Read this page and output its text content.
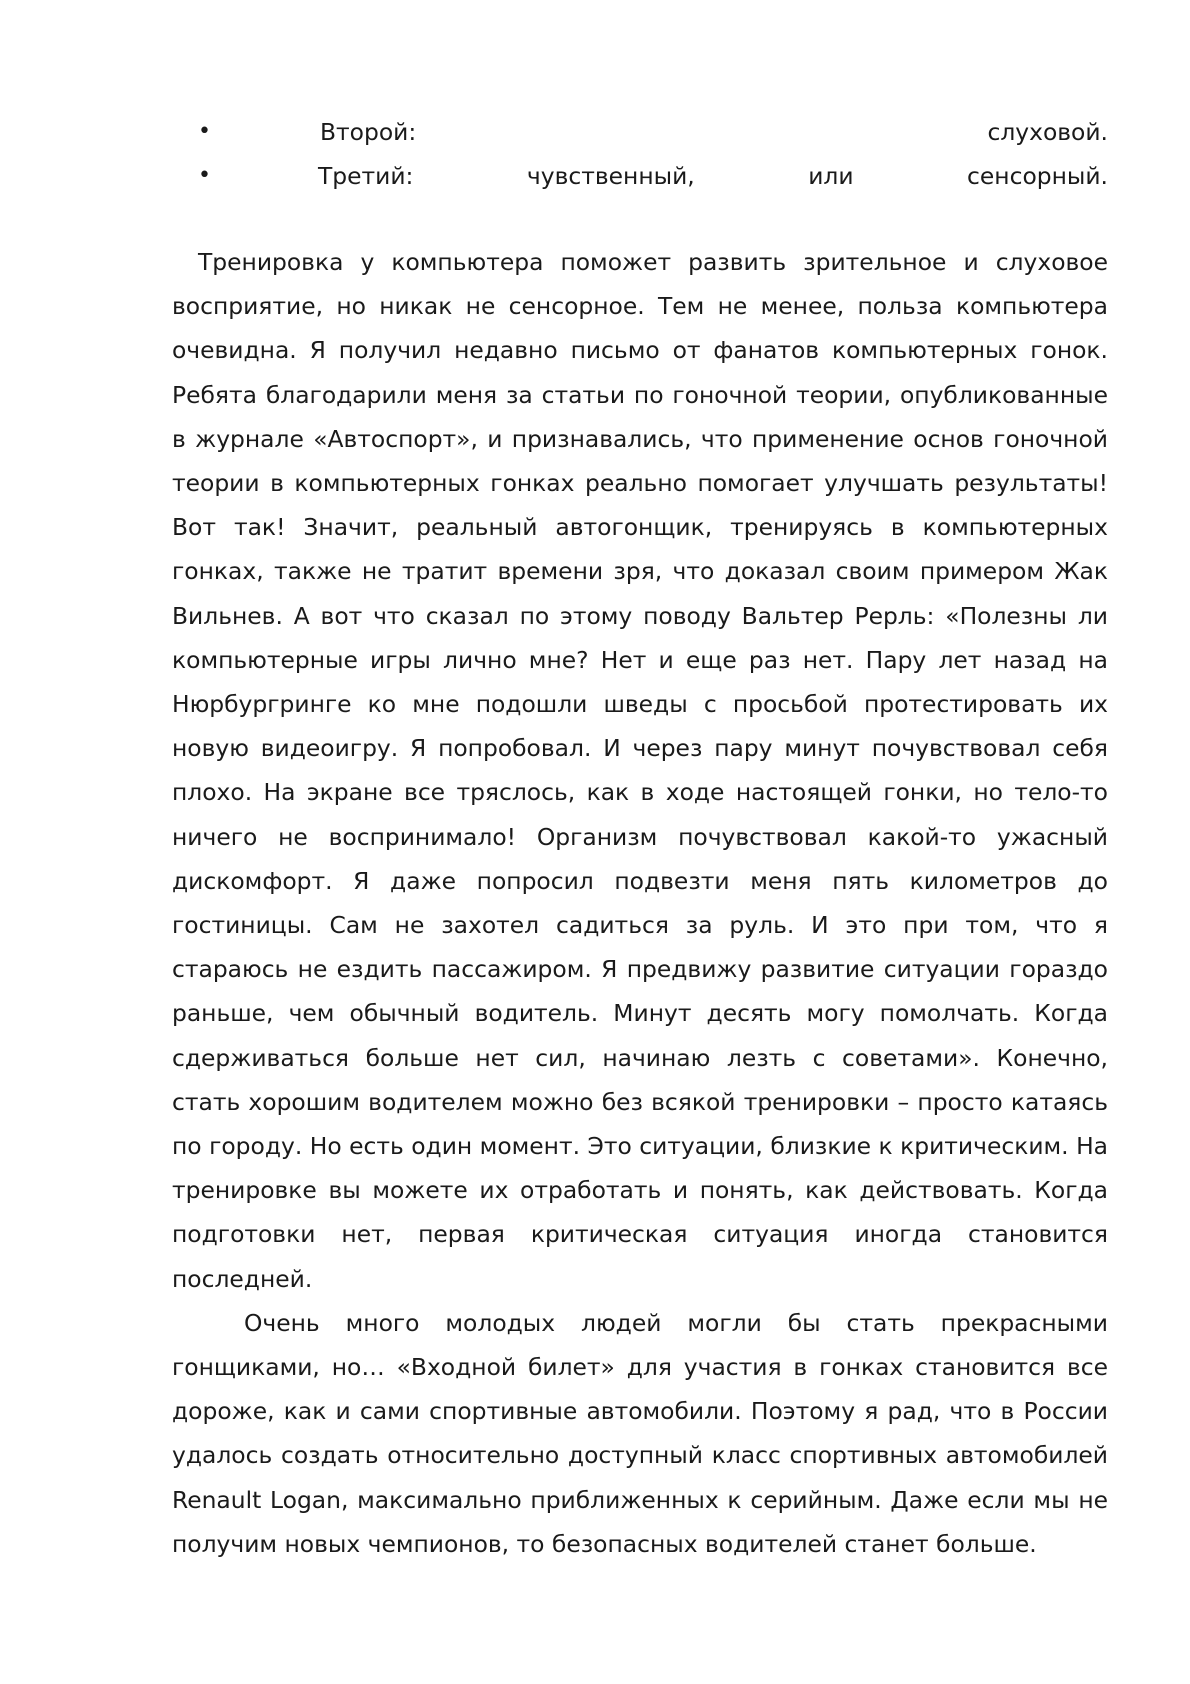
•	Второй: слуховой.
•	Третий: чувственный, или сенсорный.

Тренировка у компьютера поможет развить зрительное и слуховое восприятие, но никак не сенсорное. Тем не менее, польза компьютера очевидна. Я получил недавно письмо от фанатов компьютерных гонок. Ребята благодарили меня за статьи по гоночной теории, опубликованные в журнале «Автоспорт», и признавались, что применение основ гоночной теории в компьютерных гонках реально помогает улучшать результаты! Вот так! Значит, реальный автогонщик, тренируясь в компьютерных гонках, также не тратит времени зря, что доказал своим примером Жак Вильнев. А вот что сказал по этому поводу Вальтер Рерль: «Полезны ли компьютерные игры лично мне? Нет и еще раз нет. Пару лет назад на Нюрбургринге ко мне подошли шведы с просьбой протестировать их новую видеоигру. Я попробовал. И через пару минут почувствовал себя плохо. На экране все тряслось, как в ходе настоящей гонки, но тело-то ничего не воспринимало! Организм почувствовал какой-то ужасный дискомфорт. Я даже попросил подвезти меня пять километров до гостиницы. Сам не захотел садиться за руль. И это при том, что я стараюсь не ездить пассажиром. Я предвижу развитие ситуации гораздо раньше, чем обычный водитель. Минут десять могу помолчать. Когда сдерживаться больше нет сил, начинаю лезть с советами». Конечно, стать хорошим водителем можно без всякой тренировки – просто катаясь по городу. Но есть один момент. Это ситуации, близкие к критическим. На тренировке вы можете их отработать и понять, как действовать. Когда подготовки нет, первая критическая ситуация иногда становится последней.

Очень много молодых людей могли бы стать прекрасными гонщиками, но… «Входной билет» для участия в гонках становится все дороже, как и сами спортивные автомобили. Поэтому я рад, что в России удалось создать относительно доступный класс спортивных автомобилей Renault Logan, максимально приближенных к серийным. Даже если мы не получим новых чемпионов, то безопасных водителей станет больше.
